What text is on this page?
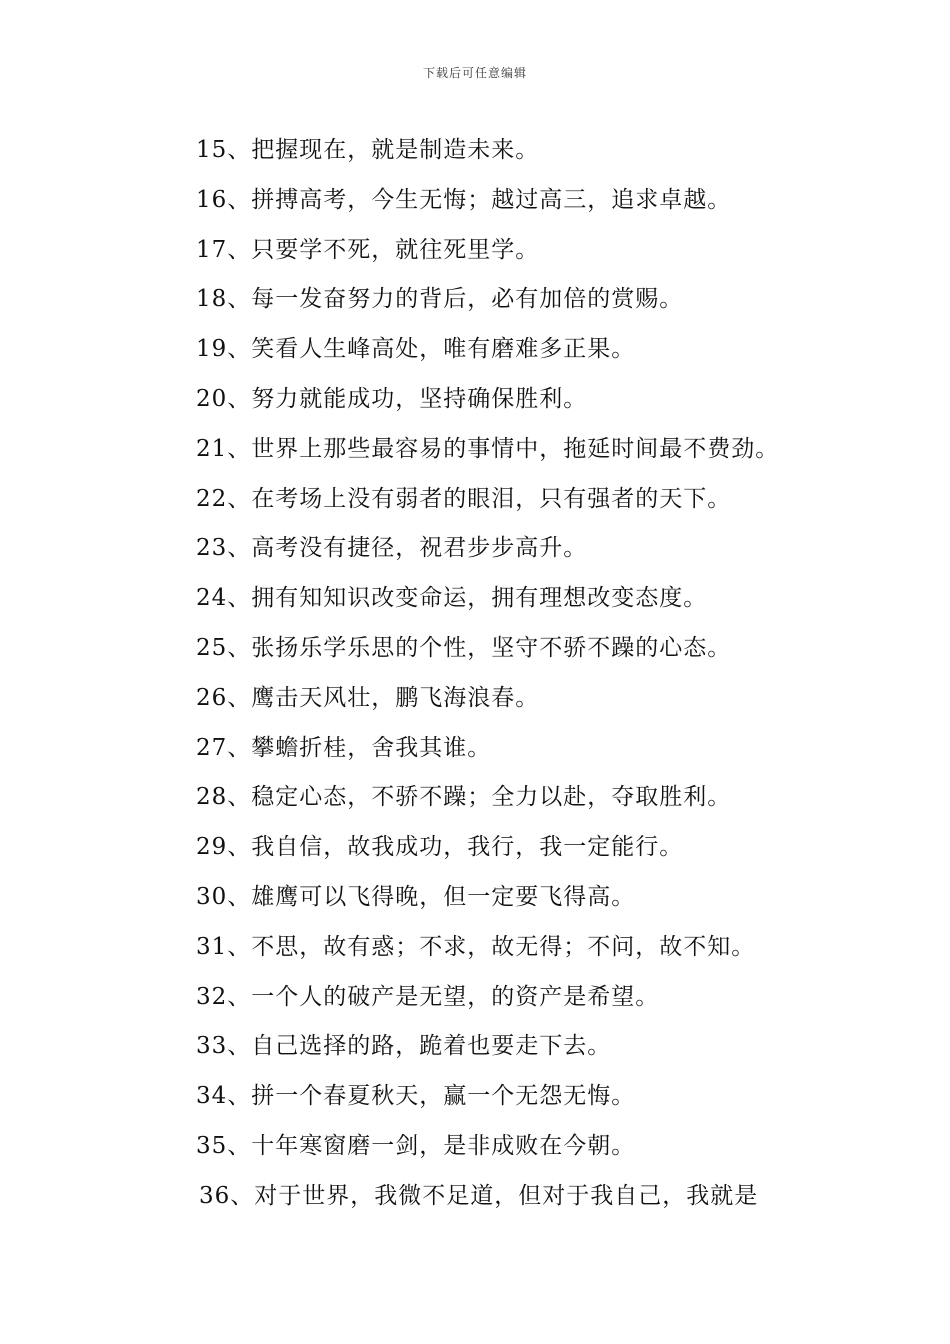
下载后可任意编辑
15、把握现在，就是制造未来。
16、拼搏高考，今生无悔；越过高三，追求卓越。
17、只要学不死，就往死里学。
18、每一发奋努力的背后，必有加倍的赏赐。
19、笑看人生峰高处，唯有磨难多正果。
20、努力就能成功，坚持确保胜利。
21、世界上那些最容易的事情中，拖延时间最不费劲。
22、在考场上没有弱者的眼泪，只有强者的天下。
23、高考没有捷径，祝君步步高升。
24、拥有知知识改变命运，拥有理想改变态度。
25、张扬乐学乐思的个性，坚守不骄不躁的心态。
26、鹰击天风壮，鹏飞海浪春。
27、攀蟾折桂，舍我其谁。
28、稳定心态，不骄不躁；全力以赴，夺取胜利。
29、我自信，故我成功，我行，我一定能行。
30、雄鹰可以飞得晚，但一定要飞得高。
31、不思，故有惑；不求，故无得；不问，故不知。
32、一个人的破产是无望，的资产是希望。
33、自己选择的路，跪着也要走下去。
34、拼一个春夏秋天，赢一个无怨无悔。
35、十年寒窗磨一剑，是非成败在今朝。
36、对于世界，我微不足道，但对于我自己，我就是
